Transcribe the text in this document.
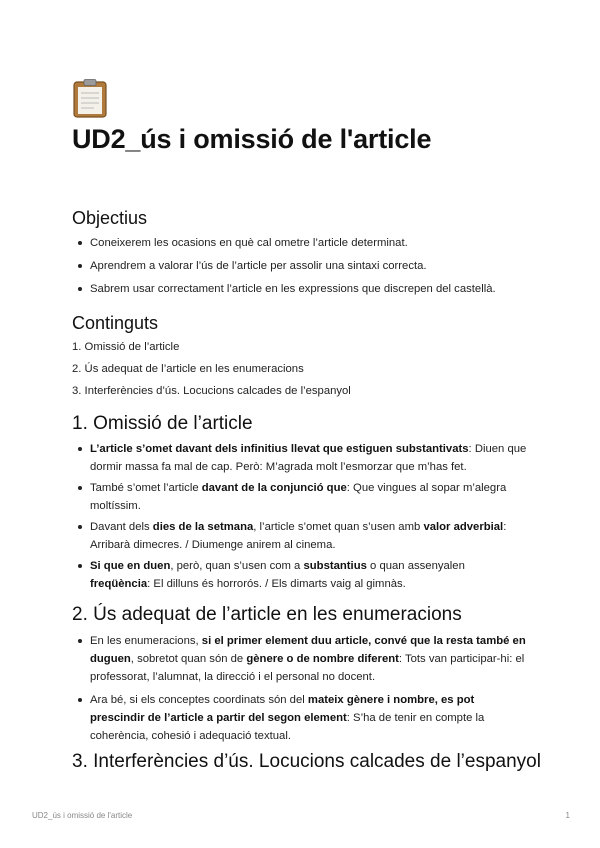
UD2_ús i omissió de l'article
Objectius
Coneixerem les ocasions en què cal ometre l’article determinat.
Aprendrem a valorar l’ús de l’article per assolir una sintaxi correcta.
Sabrem usar correctament l’article en les expressions que discrepen del castellà.
Continguts
1. Omissió de l’article
2. Ús adequat de l’article en les enumeracions
3. Interferències d’ús. Locucions calcades de l’espanyol
1. Omissió de l’article
L’article s’omet davant dels infinitius llevat que estiguen substantivats: Diuen que dormir massa fa mal de cap. Però: M’agrada molt l’esmorzar que m’has fet.
També s’omet l’article davant de la conjunció que: Que vingues al sopar m’alegra moltíssim.
Davant dels dies de la setmana, l’article s’omet quan s’usen amb valor adverbial: Arribarà dimecres. / Diumenge anirem al cinema.
Si que en duen, però, quan s’usen com a substantius o quan assenyalen freqüència: El dilluns és horrorós. / Els dimarts vaig al gimnàs.
2. Ús adequat de l’article en les enumeracions
En les enumeracions, si el primer element duu article, convé que la resta també en duguen, sobretot quan són de gènere o de nombre diferent: Tots van participar-hi: el professorat, l’alumnat, la direcció i el personal no docent.
Ara bé, si els conceptes coordinats són del mateix gènere i nombre, es pot prescindir de l’article a partir del segon element: S’ha de tenir en compte la coherència, cohesió i adequació textual.
3. Interferències d’ús. Locucions calcades de l’espanyol
UD2_ús i omissió de l'article	1
